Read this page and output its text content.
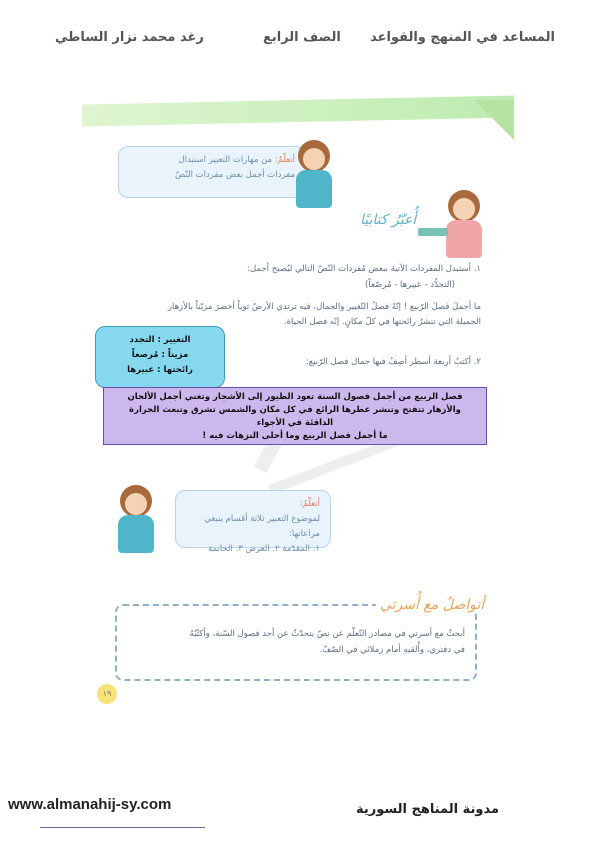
المساعد في المنهج والقواعد
الصف الرابع
رغد محمد نزار الساطي
أتعلّمُ: من مهارات التعبير استبدال
مفردات أجمل بعض مفردات النّصّ
أُعبّرُ كتابيًا
١. أستبدل المفردات الآتية ببعض مُفردات النّصّ التالي ليُصبح أجمل:
(التجدُّد - عبيرها - مُرصّعاً)
ما أجملَ فصلَ الرّبيع ! إنّهُ فصلُ التّغيير والجمال، فيه ترتدي الأرضُ ثوباً أخضرَ مزيّناً بالأزهار
الجميلة التي تنشرُ رائحتها في كلّ مكانٍ. إنّه فصل الحياة.
٢. أكتبُ أربعة أسطر أصِفُ فيها جمال فصل الرّبيع:
التغيير : التجدد
مزيناً : مُرصعاً
رائحتها : عبيرها
فصل الربيع من أجمل فصول السنة تعود الطيور إلى الأشجار وتغني أجمل الألحان
والأزهار تتفتح وتنشر عطرها الرائع في كل مكان والشمس تشرق وتبعث الحرارة
الدافئة في الأجواء
ما أجمل فصل الربيع وما أحلى النزهات فيه !
أتعلّمُ:
لموضوع التعبير ثلاثة أقسام ينبغي مراعاتها:
١. المقدّمة ٢. العرض ٣. الخاتمة
أبحثُ مع أسرتي في مصادر التّعلّم عن نصّ يتحدّثُ عن أحد فصول السّنة، وأكتُبُهُ
في دفتري، وأُلقيهِ أمام زملائي في الصّفّ.
أتواصلُ مع أُسرتي
١٩
www.almanahij-sy.com	مدونة المناهج السورية
